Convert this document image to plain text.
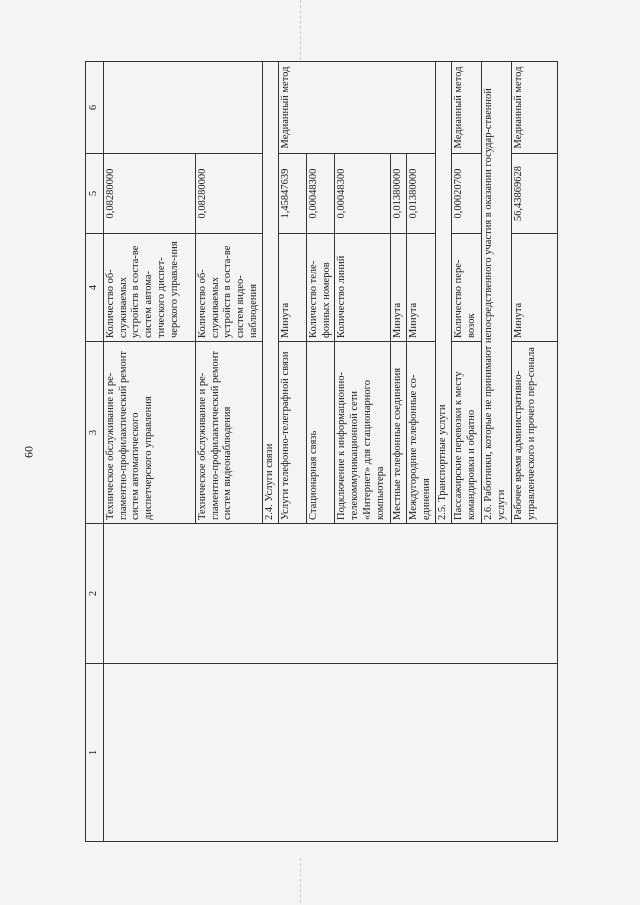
60
1	2	3	4	5	6
		Техническое обслуживание и ре-гламентно-профилактический ремонт систем автоматического диспетчерского управления	Количество об-служиваемых устройств в соста-ве систем автома-тического диспет-черского управле-ния	0,08280000	
		Техническое обслуживание и ре-гламентно-профилактический ремонт систем видеонаблюдения	Количество об-служиваемых устройств в соста-ве систем видео-наблюдения	0,08280000	
		2.4. Услуги связи			
		Услуги телефонно-телеграфной связи	Минута	1,45847639	Медианный метод
		Стационарная связь	Количество теле-фонных номеров	0,00048300	
		Подключение к информационно-телекоммуникационной сети «Интернет» для стационарного компьютера	Количество линий	0,00048300	
		Местные телефонные соединения	Минута	0,01380000	
		Междугородние телефонные со-единения	Минута	0,01380000	
		2.5. Транспортные услуги			
		Пассажирские перевозки к месту командировки и обратно	Количество пере-возок	0,00020700	Медианный метод
		2.6. Работники, которые не принимают непосредственного участия в оказании государ-ственной услуги			
		Рабочее время административно-управленческого и прочего пер-сонала	Минута	56,43869628	Медианный метод
